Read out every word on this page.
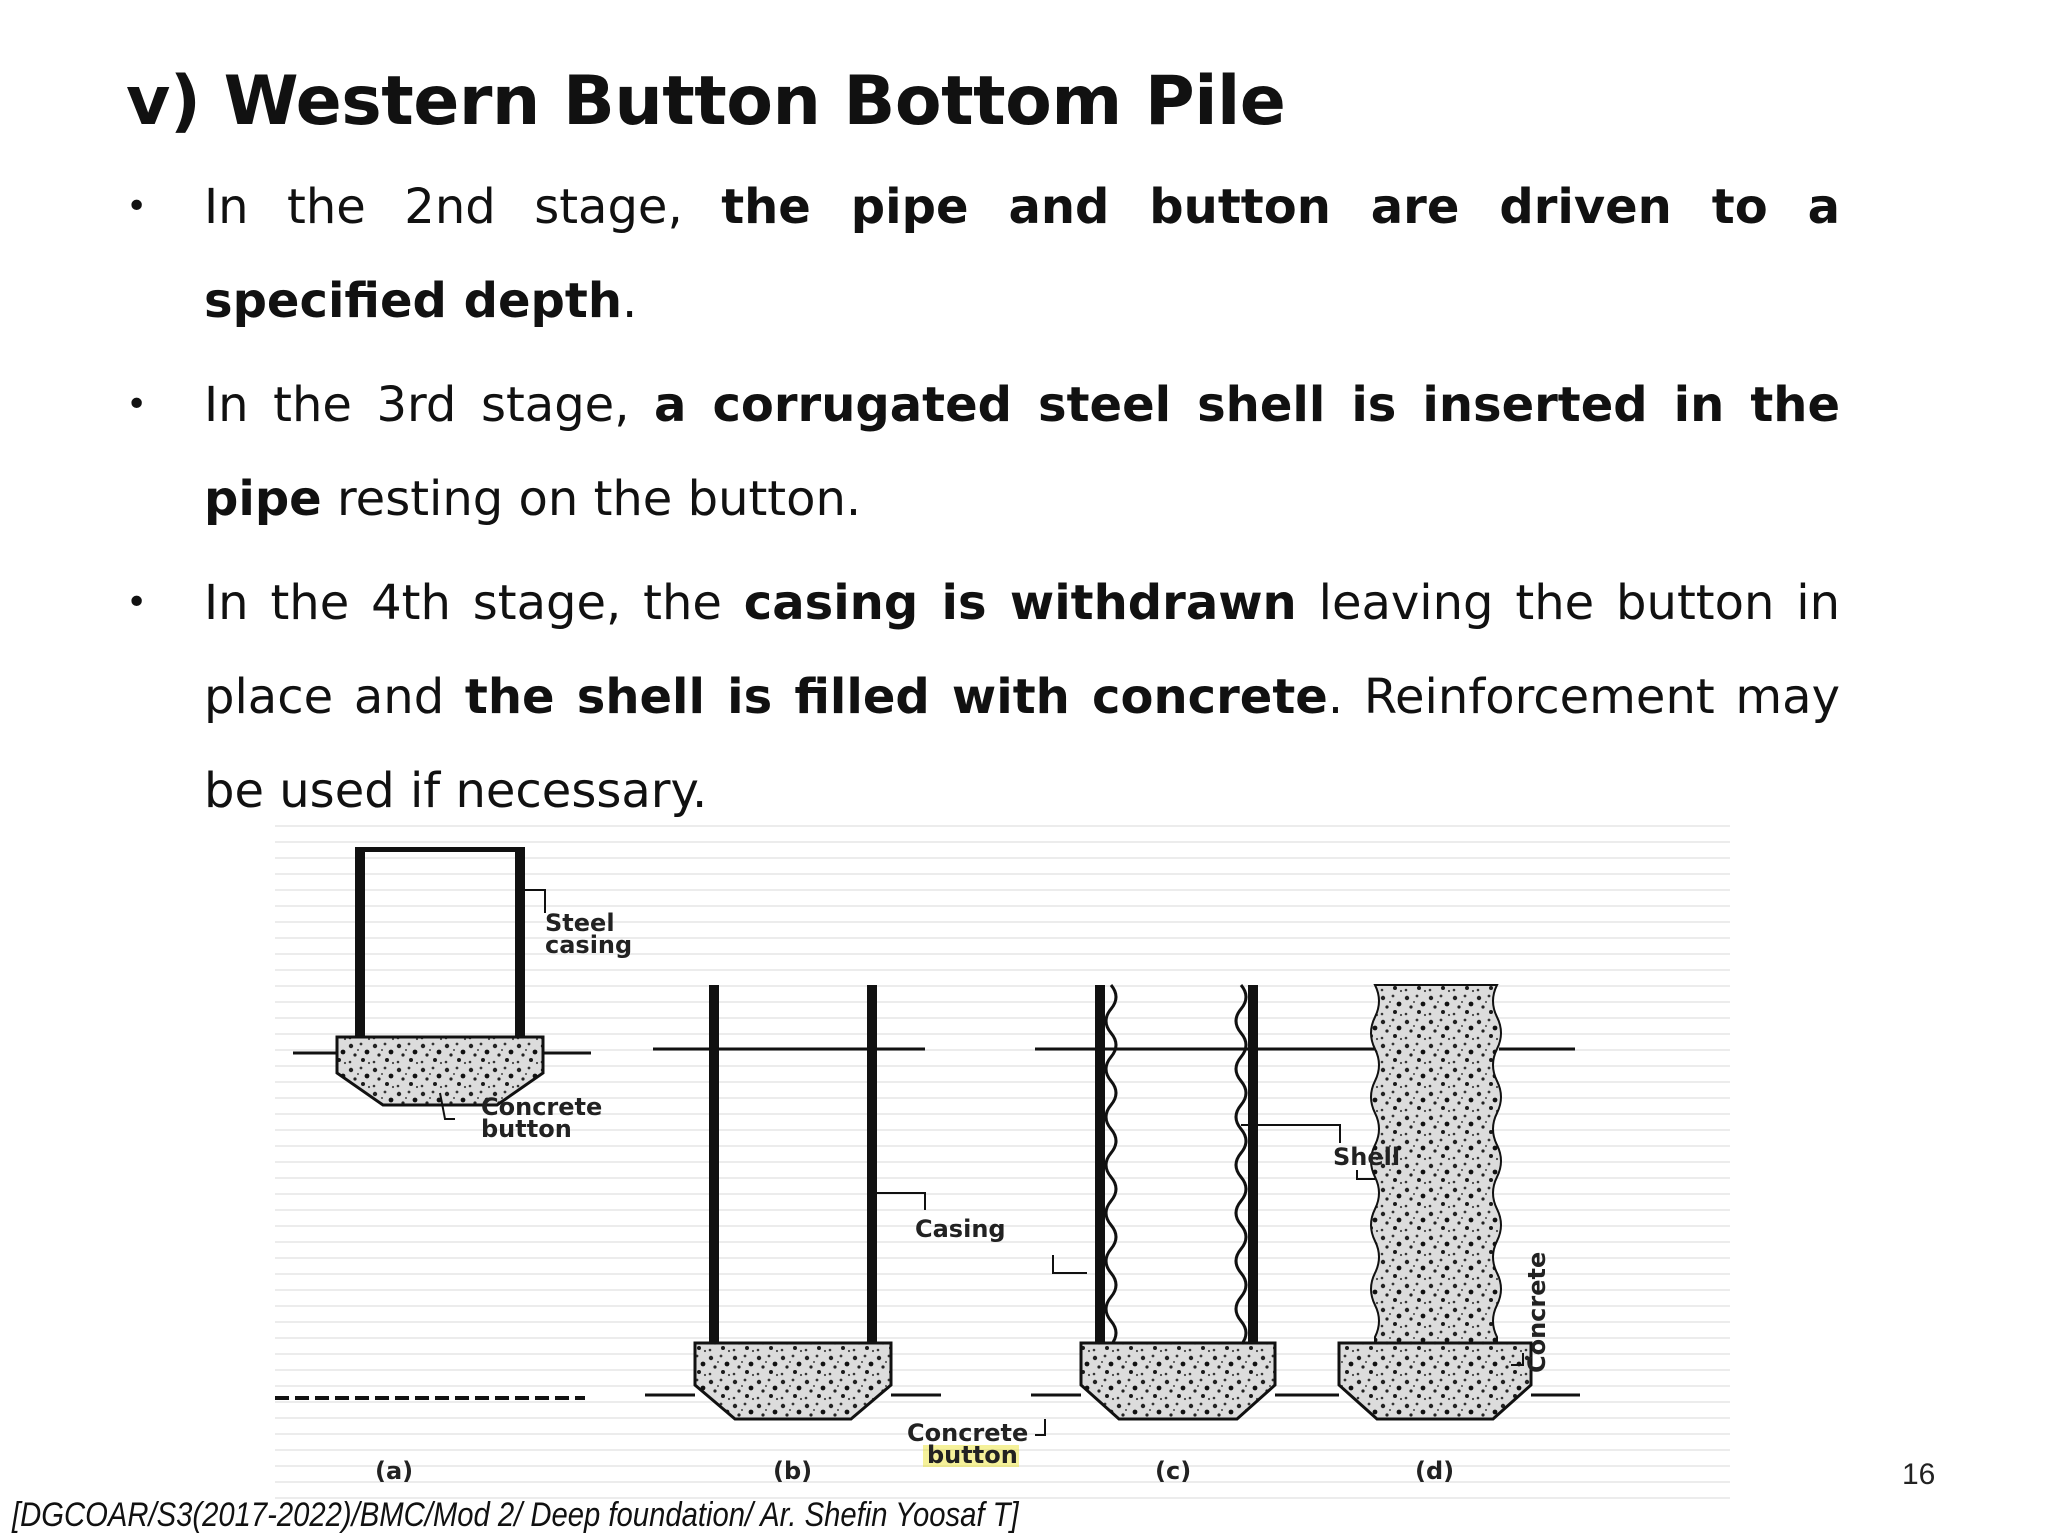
v) Western Button Bottom Pile
•	In the 2nd stage, the pipe and button are driven to a specified depth.
•	In the 3rd stage, a corrugated steel shell is inserted in the pipe resting on the button.
•	In the 4th stage, the casing is withdrawn leaving the button in place and the shell is filled with concrete. Reinforcement may be used if necessary.
Steel
casing
Concrete
button
Casing
Shell
Concrete
button
Concrete
(a)	(b)	(c)	(d)	16
[DGCOAR/S3(2017-2022)/BMC/Mod 2/ Deep foundation/ Ar. Shefin Yoosaf T]
